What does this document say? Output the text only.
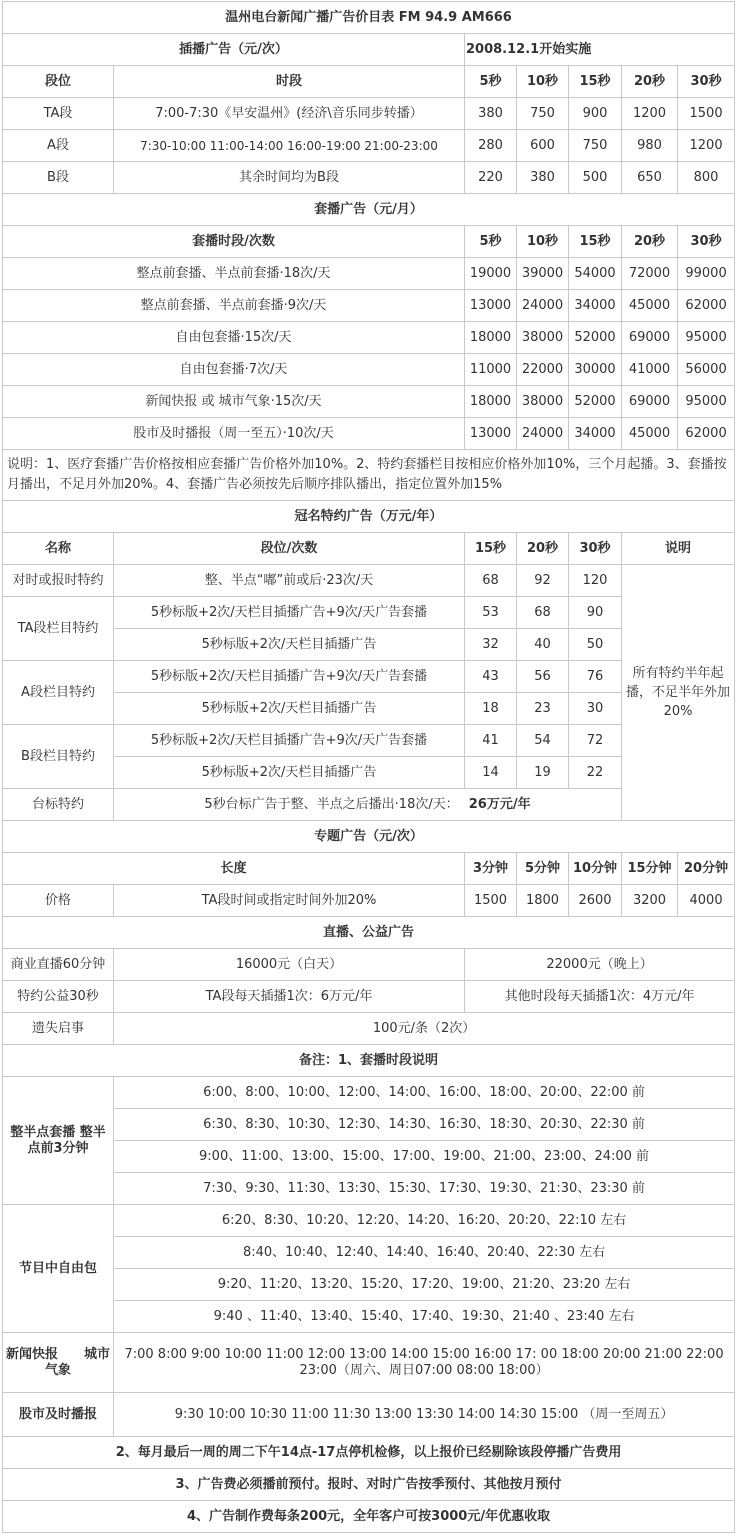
温州电台新闻广播广告价目表 FM 94.9 AM666						
插播广告（元/次）		2008.12.1开始实施				
段位	时段	5秒	10秒	15秒	20秒	30秒
TA段	7:00-7:30《早安温州》(经济\音乐同步转播）	380	750	900	1200	1500
A段	7:30-10:00 11:00-14:00 16:00-19:00 21:00-23:00	280	600	750	980	1200
B段	其余时间均为B段	220	380	500	650	800
套播广告（元/月）						
套播时段/次数		5秒	10秒	15秒	20秒	30秒
整点前套播、半点前套播·18次/天		19000	39000	54000	72000	99000
整点前套播、半点前套播·9次/天		13000	24000	34000	45000	62000
自由包套播·15次/天		18000	38000	52000	69000	95000
自由包套播·7次/天		11000	22000	30000	41000	56000
新闻快报 或 城市气象·15次/天		18000	38000	52000	69000	95000
股市及时播报（周一至五）·10次/天		13000	24000	34000	45000	62000
说明：1、医疗套播广告价格按相应套播广告价格外加10%。2、特约套播栏目按相应价格外加10%，三个月起播。3、套播按月播出，不足月外加20%。4、套播广告必须按先后顺序排队播出，指定位置外加15%						
冠名特约广告（万元/年）						
名称	段位/次数	15秒	20秒	30秒	说明	
对时或报时特约	整、半点“嘟”前或后·23次/天	68	92	120	所有特约半年起播，不足半年外加20%	
TA段栏目特约	5秒标版+2次/天栏目插播广告+9次/天广告套播	53	68	90		
	5秒标版+2次/天栏目插播广告	32	40	50		
A段栏目特约	5秒标版+2次/天栏目插播广告+9次/天广告套播	43	56	76		
	5秒标版+2次/天栏目插播广告	18	23	30		
B段栏目特约	5秒标版+2次/天栏目插播广告+9次/天广告套播	41	54	72		
	5秒标版+2次/天栏目插播广告	14	19	22		
台标特约	5秒台标广告于整、半点之后播出·18次/天： 26万元/年					
专题广告（元/次）						
长度		3分钟	5分钟	10分钟	15分钟	20分钟
价格	TA段时间或指定时间外加20%	1500	1800	2600	3200	4000
直播、公益广告						
商业直播60分钟	16000元（白天）	22000元（晚上）				
特约公益30秒	TA段每天插播1次：6万元/年	其他时段每天插播1次：4万元/年				
遗失启事	100元/条（2次）					
备注：1、套播时段说明						
整半点套播 整半点前3分钟	6:00、8:00、10:00、12:00、14:00、16:00、18:00、20:00、22:00 前					
	6:30、8:30、10:30、12:30、14:30、16:30、18:30、20:30、22:30 前					
	9:00、11:00、13:00、15:00、17:00、19:00、21:00、23:00、24:00 前					
	7:30、9:30、11:30、13:30、15:30、17:30、19:30、21:30、23:30 前					
节目中自由包	6:20、8:30、10:20、12:20、14:20、16:20、20:20、22:10 左右					
	8:40、10:40、12:40、14:40、16:40、20:40、22:30 左右					
	9:20、11:20、13:20、15:20、17:20、19:00、21:20、23:20 左右					
	9:40 、11:40、13:40、15:40、17:40、19:30、21:40 、23:40 左右					
新闻快报　　城市气象	7:00 8:00 9:00 10:00 11:00 12:00 13:00 14:00 15:00 16:00 17: 00 18:00 20:00 21:00 22:00 23:00（周六、周日07:00 08:00 18:00）					
股市及时播报	9:30 10:00 10:30 11:00 11:30 13:00 13:30 14:00 14:30 15:00 （周一至周五）					
2、每月最后一周的周二下午14点-17点停机检修，以上报价已经剔除该段停播广告费用						
3、广告费必须播前预付。报时、对时广告按季预付、其他按月预付						
4、广告制作费每条200元，全年客户可按3000元/年优惠收取						
